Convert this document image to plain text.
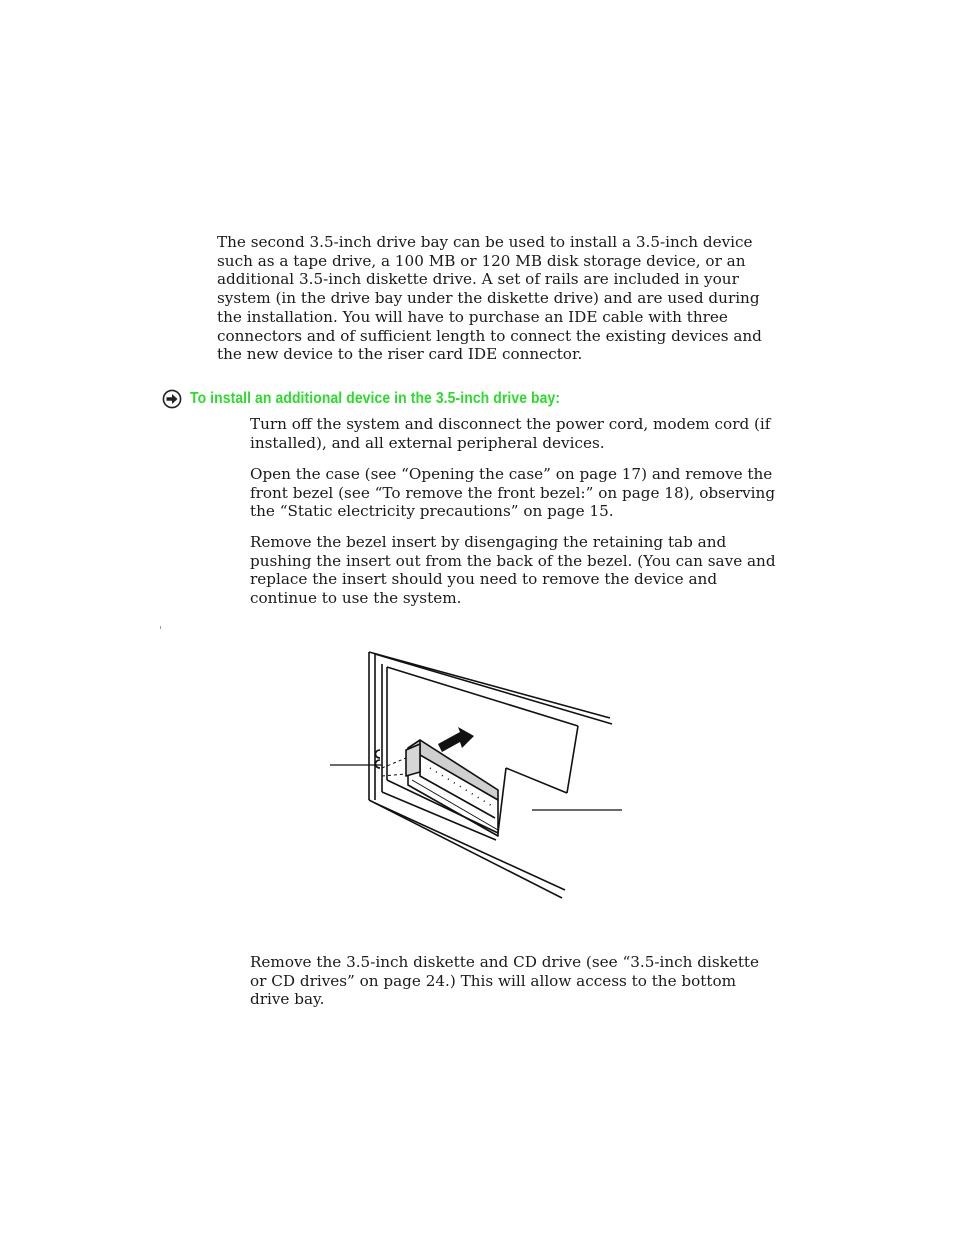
The second 3.5-inch drive bay can be used to install a 3.5-inch device such as a tape drive, a 100 MB or 120 MB disk storage device, or an additional 3.5-inch diskette drive. A set of rails are included in your system (in the drive bay under the diskette drive) and are used during the installation. You will have to purchase an IDE cable with three connectors and of sufficient length to connect the existing devices and the new device to the riser card IDE connector.

To install an additional device in the 3.5-inch drive bay:

Turn off the system and disconnect the power cord, modem cord (if installed), and all external peripheral devices.

Open the case (see “Opening the case” on page 17) and remove the front bezel (see “To remove the front bezel:” on page 18), observing the “Static electricity precautions” on page 15.

Remove the bezel insert by disengaging the retaining tab and pushing the insert out from the back of the bezel. (You can save and replace the insert should you need to remove the device and continue to use the system.

Remove the 3.5-inch diskette and CD drive (see “3.5-inch diskette or CD drives” on page 24.) This will allow access to the bottom drive bay.
